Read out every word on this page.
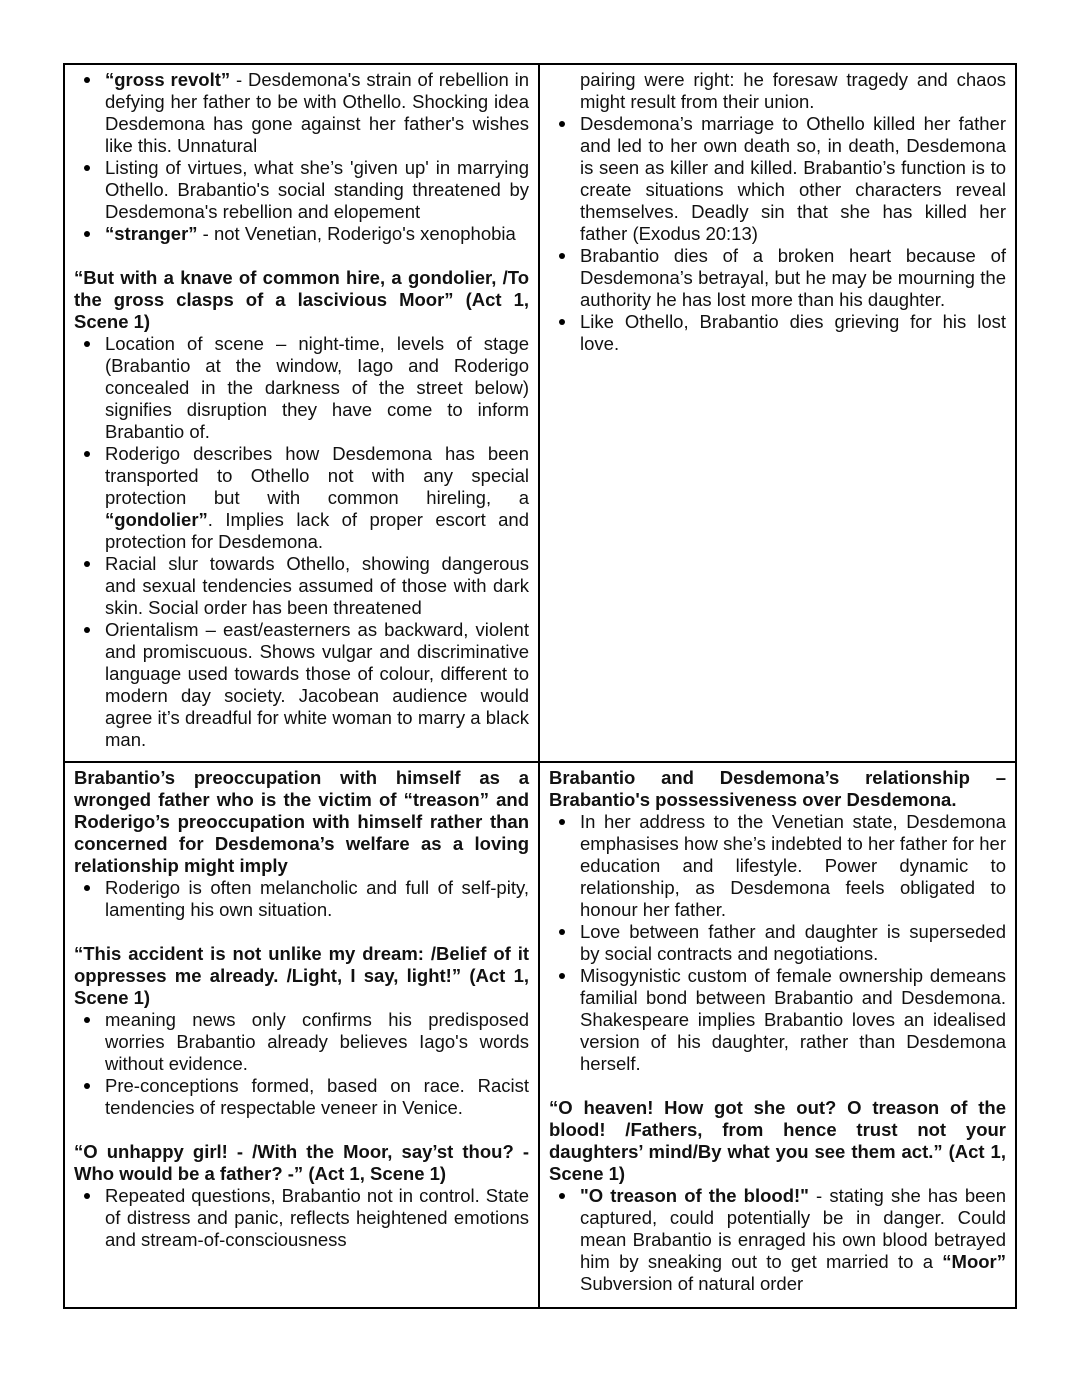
“gross revolt” - Desdemona's strain of rebellion in defying her father to be with Othello. Shocking idea Desdemona has gone against her father's wishes like this. Unnatural
Listing of virtues, what she’s 'given up' in marrying Othello. Brabantio's social standing threatened by Desdemona's rebellion and elopement
“stranger” - not Venetian, Roderigo's xenophobia
“But with a knave of common hire, a gondolier, /To the gross clasps of a lascivious Moor” (Act 1, Scene 1)
Location of scene – night-time, levels of stage (Brabantio at the window, Iago and Roderigo concealed in the darkness of the street below) signifies disruption they have come to inform Brabantio of.
Roderigo describes how Desdemona has been transported to Othello not with any special protection but with common hireling, a “gondolier”. Implies lack of proper escort and protection for Desdemona.
Racial slur towards Othello, showing dangerous and sexual tendencies assumed of those with dark skin. Social order has been threatened
Orientalism – east/easterners as backward, violent and promiscuous. Shows vulgar and discriminative language used towards those of colour, different to modern day society. Jacobean audience would agree it’s dreadful for white woman to marry a black man.
pairing were right: he foresaw tragedy and chaos might result from their union.
Desdemona’s marriage to Othello killed her father and led to her own death so, in death, Desdemona is seen as killer and killed. Brabantio’s function is to create situations which other characters reveal themselves. Deadly sin that she has killed her father (Exodus 20:13)
Brabantio dies of a broken heart because of Desdemona’s betrayal, but he may be mourning the authority he has lost more than his daughter.
Like Othello, Brabantio dies grieving for his lost love.
Brabantio’s preoccupation with himself as a wronged father who is the victim of “treason” and Roderigo’s preoccupation with himself rather than concerned for Desdemona’s welfare as a loving relationship might imply
Roderigo is often melancholic and full of self-pity, lamenting his own situation.
“This accident is not unlike my dream: /Belief of it oppresses me already. /Light, I say, light!” (Act 1, Scene 1)
meaning news only confirms his predisposed worries Brabantio already believes Iago's words without evidence.
Pre-conceptions formed, based on race. Racist tendencies of respectable veneer in Venice.
“O unhappy girl! - /With the Moor, say’st thou? - Who would be a father? -” (Act 1, Scene 1)
Repeated questions, Brabantio not in control. State of distress and panic, reflects heightened emotions and stream-of-consciousness
Brabantio and Desdemona’s relationship – Brabantio's possessiveness over Desdemona.
In her address to the Venetian state, Desdemona emphasises how she’s indebted to her father for her education and lifestyle. Power dynamic to relationship, as Desdemona feels obligated to honour her father.
Love between father and daughter is superseded by social contracts and negotiations.
Misogynistic custom of female ownership demeans familial bond between Brabantio and Desdemona. Shakespeare implies Brabantio loves an idealised version of his daughter, rather than Desdemona herself.
“O heaven! How got she out? O treason of the blood! /Fathers, from hence trust not your daughters’ mind/By what you see them act.” (Act 1, Scene 1)
"O treason of the blood!" - stating she has been captured, could potentially be in danger. Could mean Brabantio is enraged his own blood betrayed him by sneaking out to get married to a “Moor” Subversion of natural order
